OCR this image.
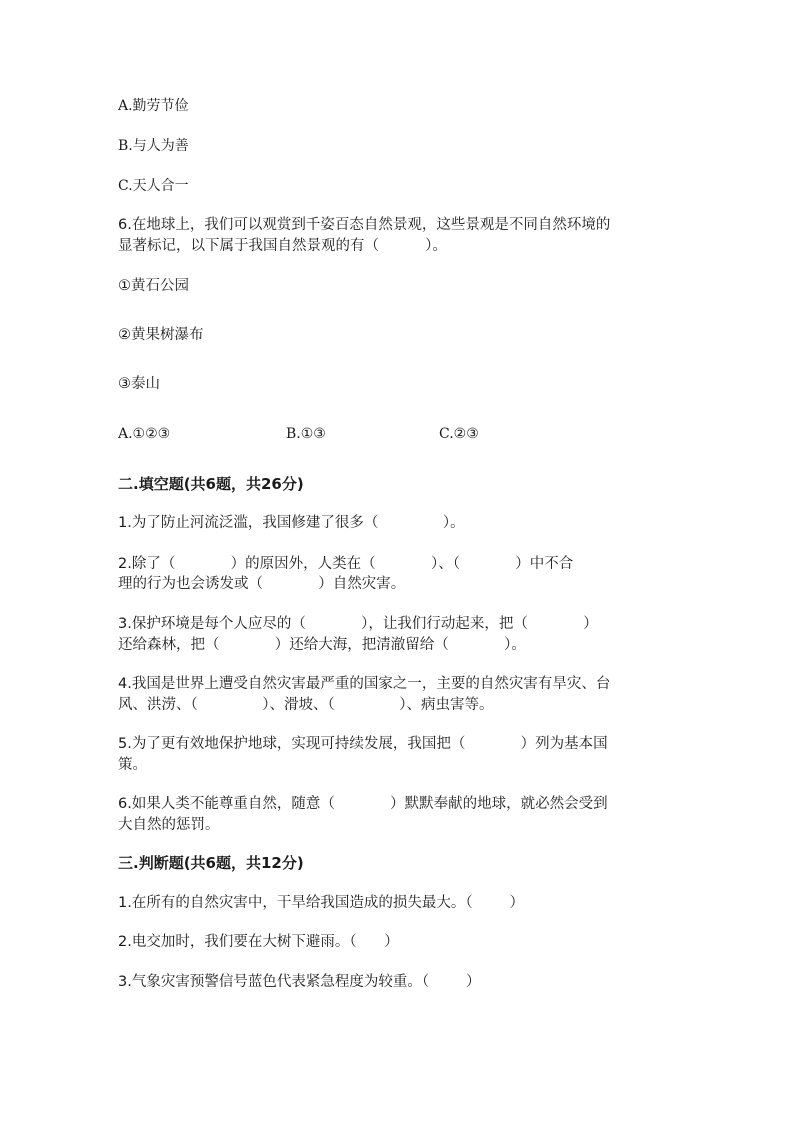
A.勤劳节俭
B.与人为善
C.天人合一
6.在地球上，我们可以观赏到千姿百态自然景观，这些景观是不同自然环境的
显著标记，以下属于我国自然景观的有（          ）。
①黄石公园
②黄果树瀑布
③泰山
A.①②③	B.①③	C.②③
二.填空题(共6题，共26分)
1.为了防止河流泛滥，我国修建了很多（              ）。
2.除了（            ）的原因外，人类在（            ）、（            ）中不合
理的行为也会诱发或（            ）自然灾害。
3.保护环境是每个人应尽的（            ），让我们行动起来，把（            ）
还给森林，把（            ）还给大海，把清澈留给（            ）。
4.我国是世界上遭受自然灾害最严重的国家之一，主要的自然灾害有旱灾、台
风、洪涝、（              ）、滑坡、（              ）、病虫害等。
5.为了更有效地保护地球，实现可持续发展，我国把（            ）列为基本国
策。
6.如果人类不能尊重自然，随意（            ）默默奉献的地球，就必然会受到
大自然的惩罚。
三.判断题(共6题，共12分)
1.在所有的自然灾害中，干旱给我国造成的损失最大。（        ）
2.电交加时，我们要在大树下避雨。（      ）
3.气象灾害预警信号蓝色代表紧急程度为较重。（        ）
